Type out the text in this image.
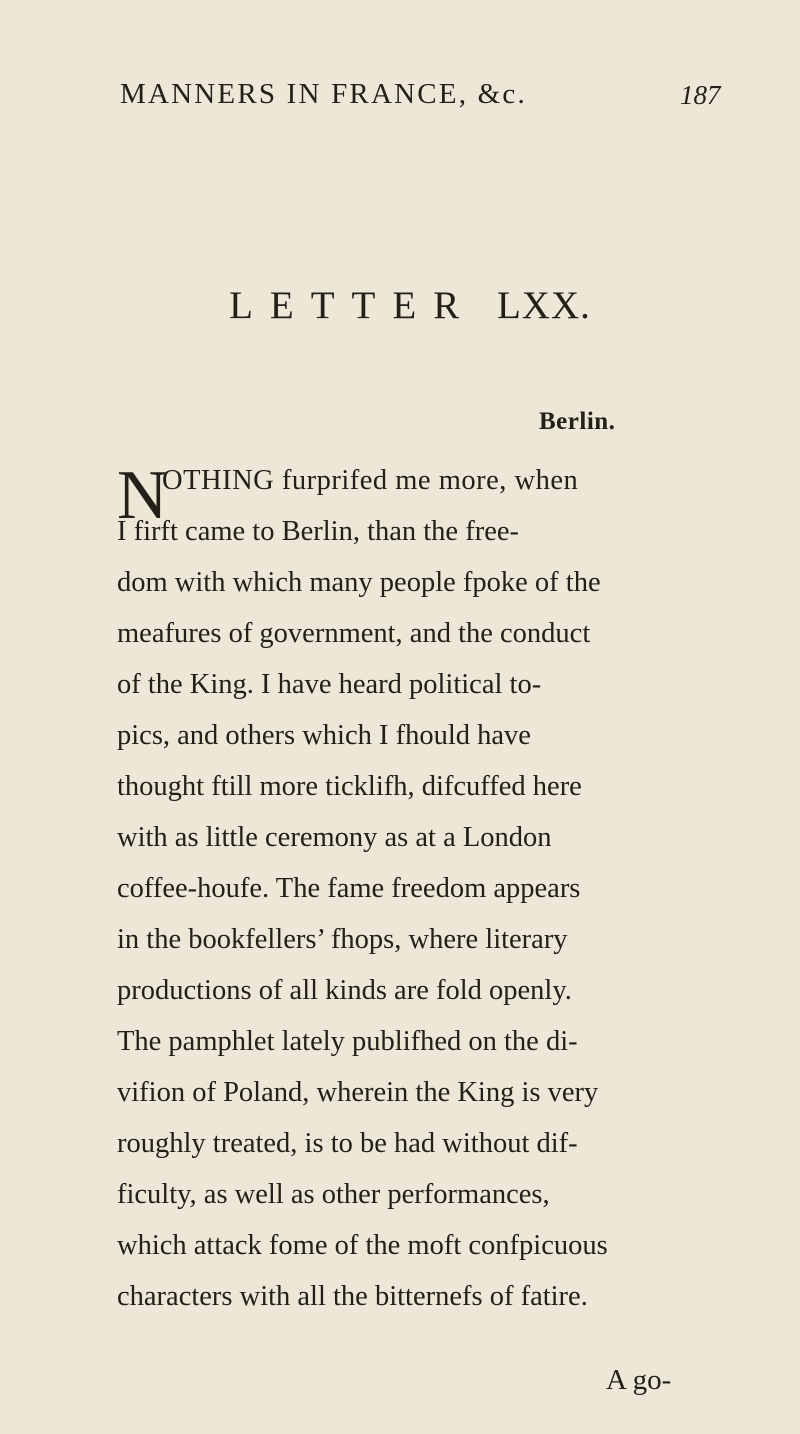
MANNERS IN FRANCE, &c.	187
LETTER LXX.
Berlin.
N
OTHING furprifed me more, when
I firft came to Berlin, than the free-
dom with which many people fpoke of the
meafures of government, and the conduct
of the King. I have heard political to-
pics, and others which I fhould have
thought ftill more ticklifh, difcuffed here
with as little ceremony as at a London
coffee-houfe. The fame freedom appears
in the bookfellers’ fhops, where literary
productions of all kinds are fold openly.
The pamphlet lately publifhed on the di-
vifion of Poland, wherein the King is very
roughly treated, is to be had without dif-
ficulty, as well as other performances,
which attack fome of the moft confpicuous
characters with all the bitternefs of fatire.
A go-
